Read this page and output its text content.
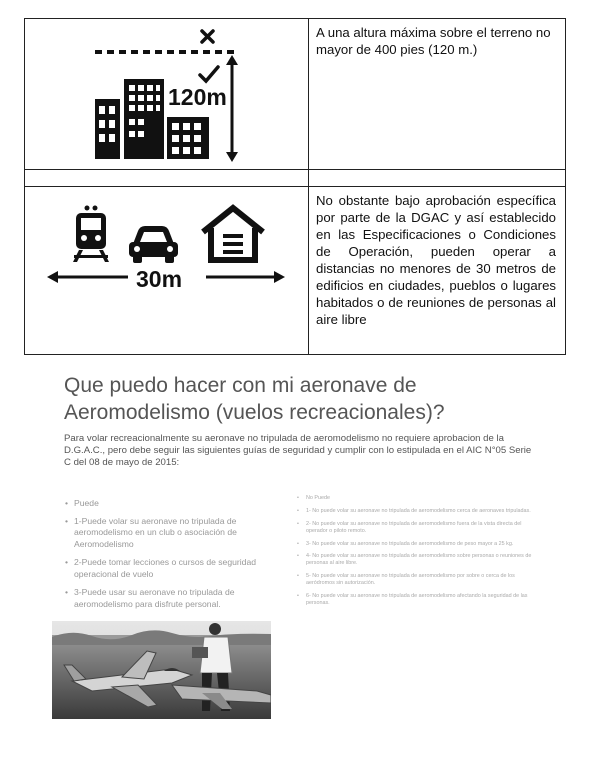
120m
A una altura máxima sobre el terreno no mayor de 400 pies (120 m.)
30m
No obstante bajo aprobación específica por parte de la DGAC y así establecido en las Especificaciones o Condiciones de Operación, pueden operar a distancias no menores de 30 metros de edificios en ciudades, pueblos o lugares habitados o de reuniones de personas al aire libre
Que puedo hacer con mi aeronave de Aeromodelismo (vuelos recreacionales)?
Para volar recreacionalmente su aeronave no tripulada de aeromodelismo no requiere aprobacion de la D.G.A.C., pero debe seguir las siguientes guías de seguridad y cumplir con lo estipulada en el AIC N°05 Serie C del 08 de mayo de 2015:
• Puede
• 1-Puede volar su aeronave no tripulada de aeromodelismo en un club o asociación de Aeromodelismo
• 2-Puede tomar lecciones o cursos de seguridad operacional de vuelo
• 3-Puede usar su aeronave no tripulada de aeromodelismo para disfrute personal.
• No Puede
• 1- No puede volar su aeronave no tripulada de aeromodelismo cerca de aeronaves tripuladas.
• 2- No puede volar su aeronave no tripulada de aeromodelismo fuera de la vista directa del operador o piloto remoto.
• 3- No puede volar su aeronave no tripulada de aeromodelismo de peso mayor a 25 kg.
• 4- No puede volar su aeronave no tripulada de aeromodelismo sobre personas o reuniones de personas al aire libre.
• 5- No puede volar su aeronave no tripulada de aeromodelismo por sobre o cerca de los aeródromos sin autorización.
• 6- No puede volar su aeronave no tripulada de aeromodelismo afectando la seguridad de las personas.
